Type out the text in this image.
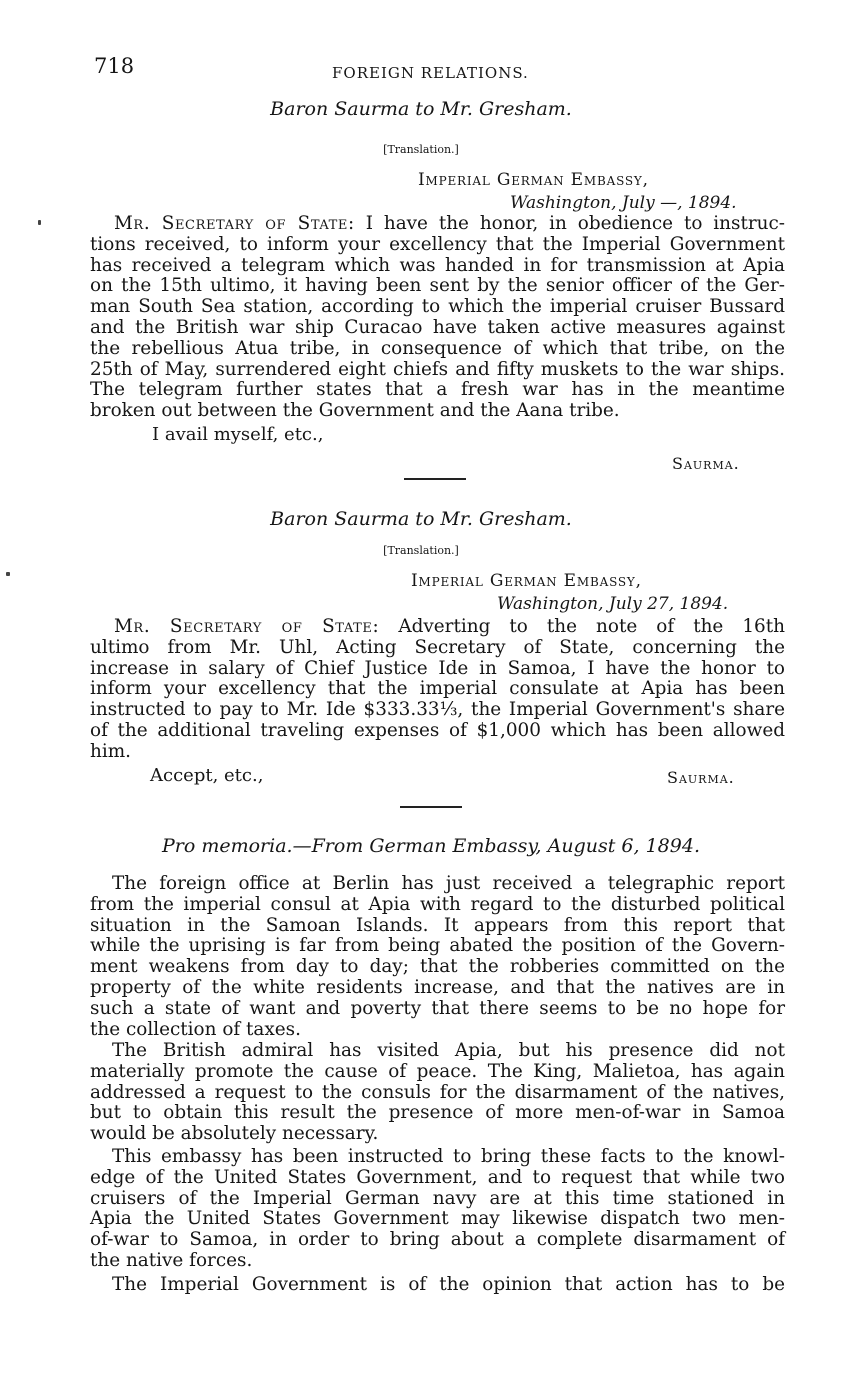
718	FOREIGN RELATIONS.
Baron Saurma to Mr. Gresham.
[Translation.]
Imperial German Embassy,
Washington, July —, 1894.
Mr. Secretary of State: I have the honor, in obedience to instruc-
tions received, to inform your excellency that the Imperial Government
has received a telegram which was handed in for transmission at Apia
on the 15th ultimo, it having been sent by the senior officer of the Ger-
man South Sea station, according to which the imperial cruiser Bussard
and the British war ship Curacao have taken active measures against
the rebellious Atua tribe, in consequence of which that tribe, on the
25th of May, surrendered eight chiefs and fifty muskets to the war ships.
The telegram further states that a fresh war has in the meantime
broken out between the Government and the Aana tribe.
I avail myself, etc.,
Saurma.
Baron Saurma to Mr. Gresham.
[Translation.]
Imperial German Embassy,
Washington, July 27, 1894.
Mr. Secretary of State: Adverting to the note of the 16th
ultimo from Mr. Uhl, Acting Secretary of State, concerning the
increase in salary of Chief Justice Ide in Samoa, I have the honor to
inform your excellency that the imperial consulate at Apia has been
instructed to pay to Mr. Ide $333.33⅓, the Imperial Government's share
of the additional traveling expenses of $1,000 which has been allowed
him.
Accept, etc.,	Saurma.
Pro memoria.—From German Embassy, August 6, 1894.
The foreign office at Berlin has just received a telegraphic report
from the imperial consul at Apia with regard to the disturbed political
situation in the Samoan Islands. It appears from this report that
while the uprising is far from being abated the position of the Govern-
ment weakens from day to day; that the robberies committed on the
property of the white residents increase, and that the natives are in
such a state of want and poverty that there seems to be no hope for
the collection of taxes.
The British admiral has visited Apia, but his presence did not
materially promote the cause of peace. The King, Malietoa, has again
addressed a request to the consuls for the disarmament of the natives,
but to obtain this result the presence of more men-of-war in Samoa
would be absolutely necessary.
This embassy has been instructed to bring these facts to the knowl-
edge of the United States Government, and to request that while two
cruisers of the Imperial German navy are at this time stationed in
Apia the United States Government may likewise dispatch two men-
of-war to Samoa, in order to bring about a complete disarmament of
the native forces.
The Imperial Government is of the opinion that action has to be
